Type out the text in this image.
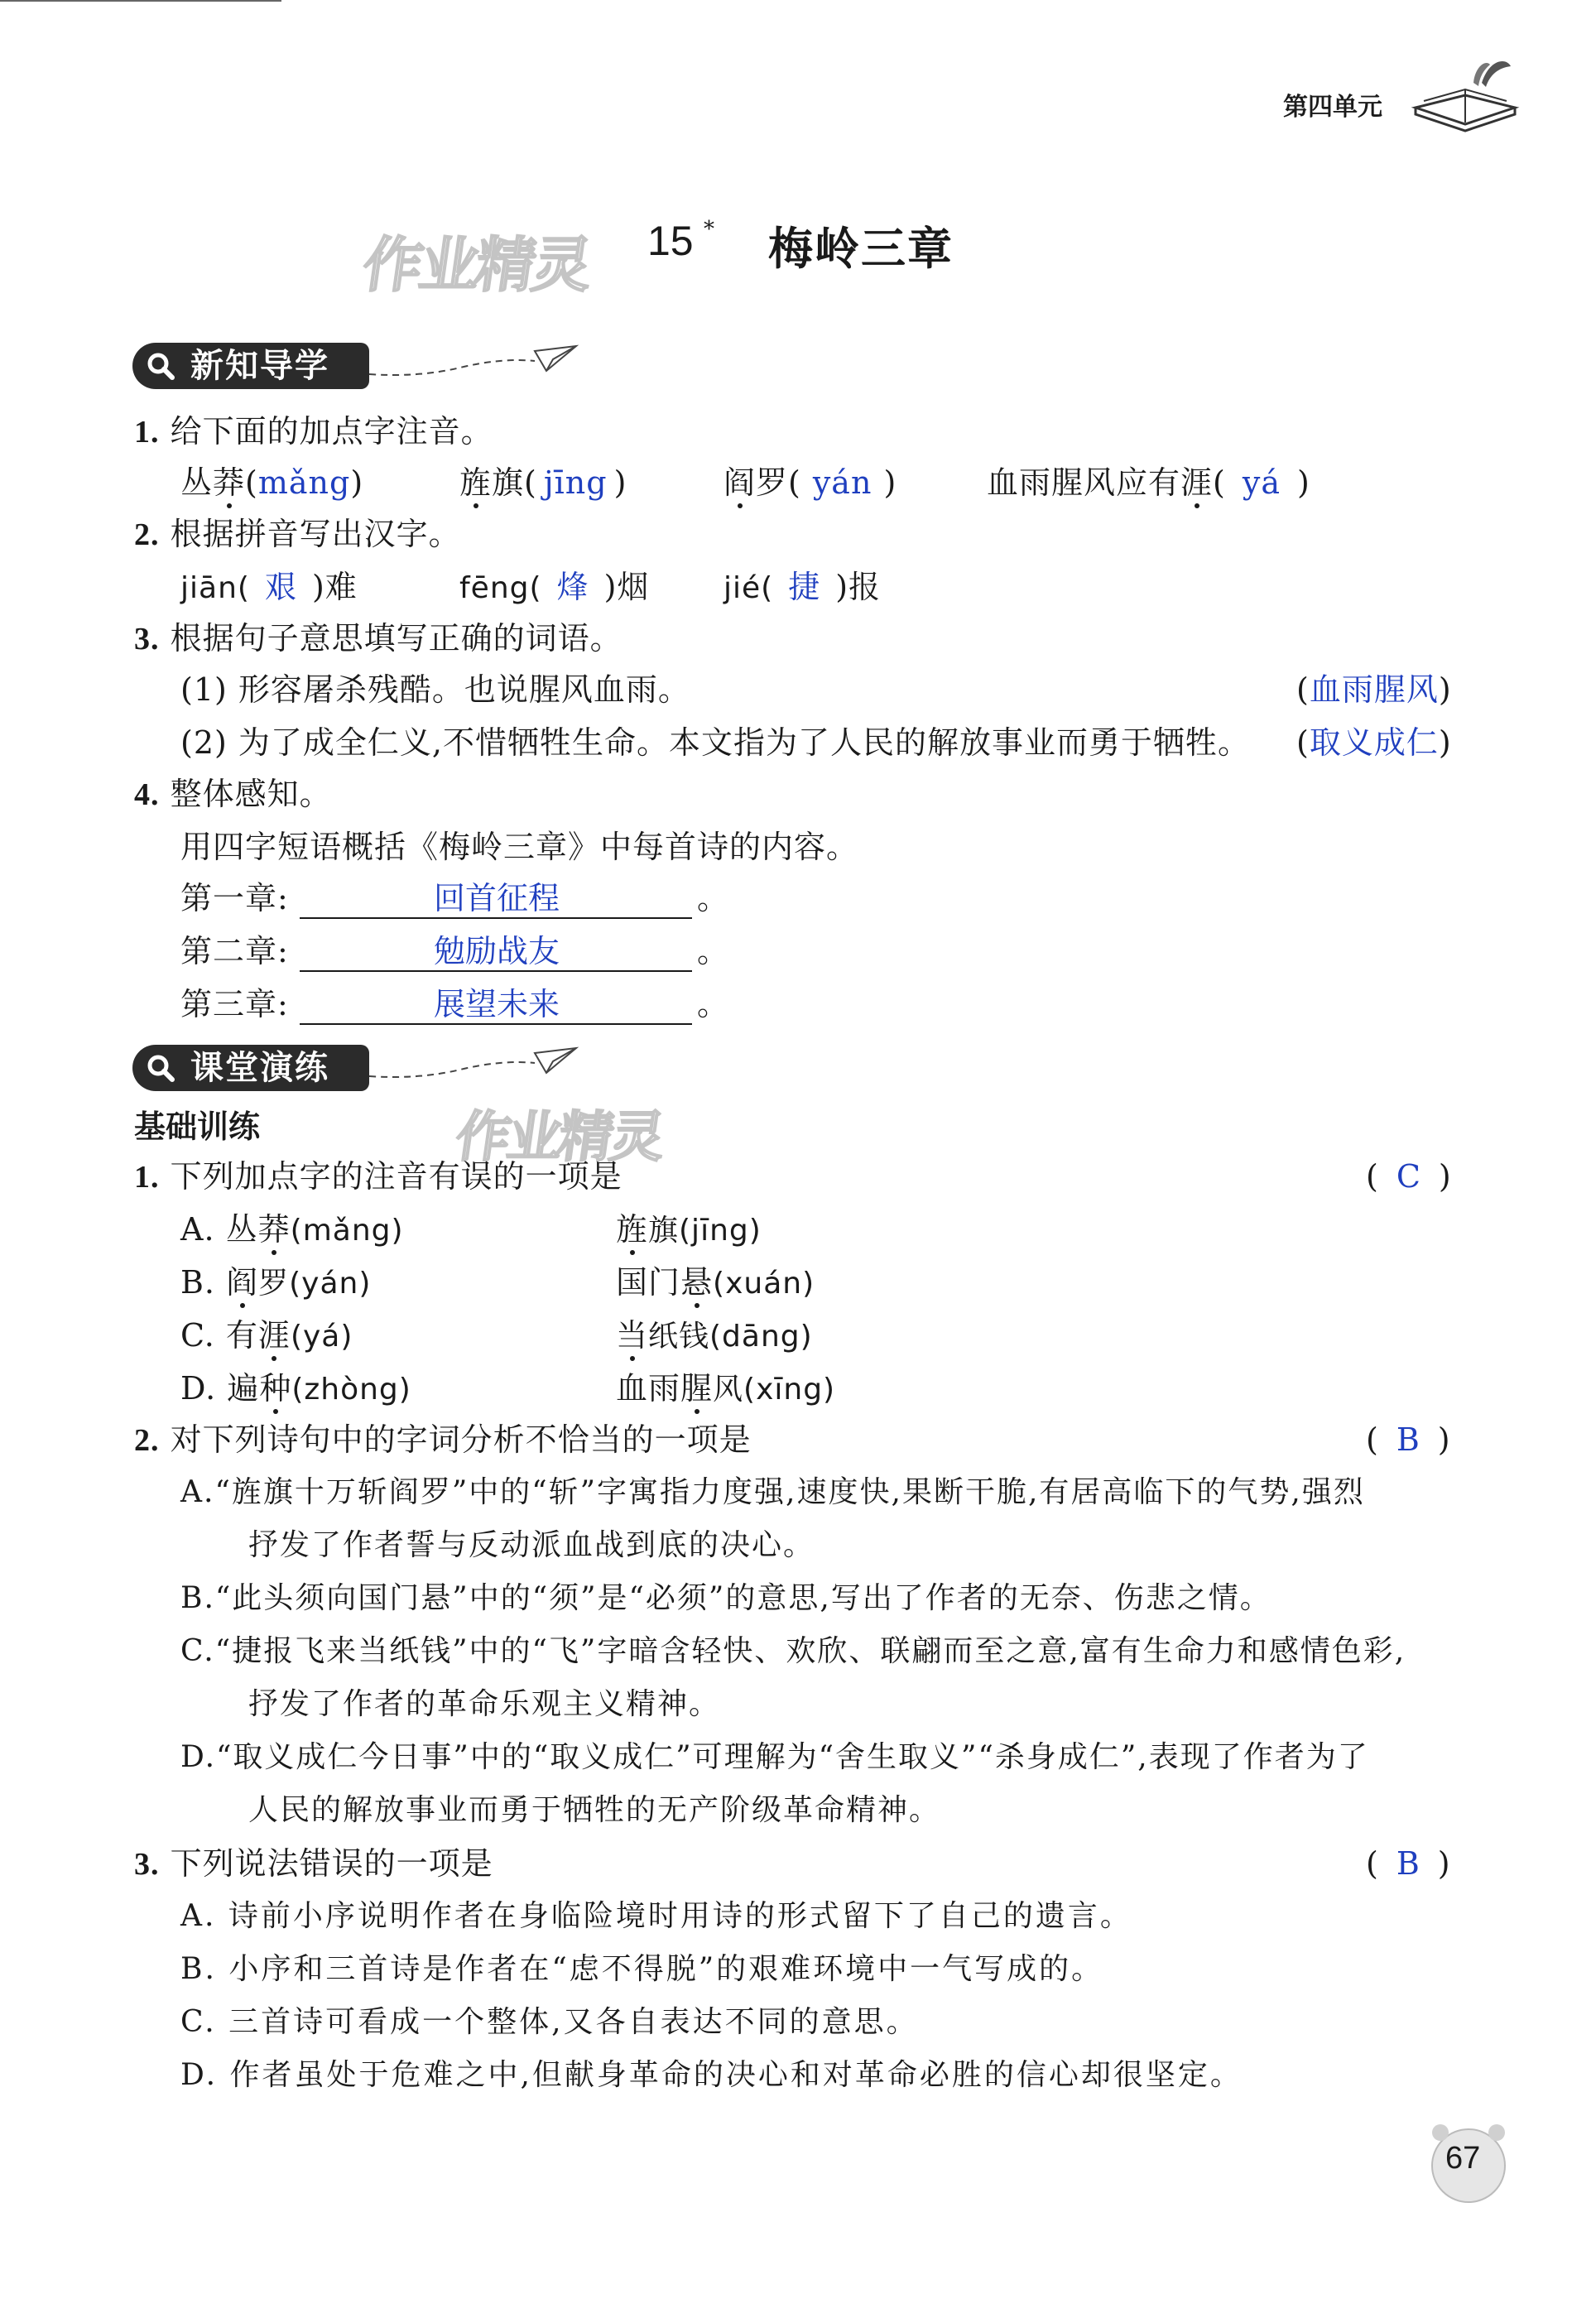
第四单元
作业精灵 15 * 梅岭三章
新知导学
1. 给下面的加点字注音。
丛莽(mǎng)	旌旗( jīng )	阎罗( yán )	血雨腥风应有涯( yá )
2. 根据拼音写出汉字。
jiān( 艰 )难	fēng( 烽 )烟 jié( 捷 )报
3. 根据句子意思填写正确的词语。
(1) 形容屠杀残酷。也说腥风血雨。	(血雨腥风)
(2) 为了成全仁义,不惜牺牲生命。本文指为了人民的解放事业而勇于牺牲。 (取义成仁)
4. 整体感知。
用四字短语概括《梅岭三章》中每首诗的内容。
第一章:	回首征程	。
第二章:	勉励战友	。
第三章:	展望未来	。
课堂演练
基础训练	作业精灵
1. 下列加点字的注音有误的一项是	( C )
A. 丛莽(mǎng)	旌旗(jīng)
B. 阎罗(yán)	国门悬(xuán)
C. 有涯(yá)	当纸钱(dāng)
D. 遍种(zhòng)	血雨腥风(xīng)
2. 对下列诗句中的字词分析不恰当的一项是	( B )
A.“旌旗十万斩阎罗”中的“斩”字寓指力度强,速度快,果断干脆,有居高临下的气势,强烈
抒发了作者誓与反动派血战到底的决心。
B.“此头须向国门悬”中的“须”是“必须”的意思,写出了作者的无奈、伤悲之情。
C.“捷报飞来当纸钱”中的“飞”字暗含轻快、欢欣、联翩而至之意,富有生命力和感情色彩,
抒发了作者的革命乐观主义精神。
D.“取义成仁今日事”中的“取义成仁”可理解为“舍生取义”“杀身成仁”,表现了作者为了
人民的解放事业而勇于牺牲的无产阶级革命精神。
3. 下列说法错误的一项是	( B )
A. 诗前小序说明作者在身临险境时用诗的形式留下了自己的遗言。
B. 小序和三首诗是作者在“虑不得脱”的艰难环境中一气写成的。
C. 三首诗可看成一个整体,又各自表达不同的意思。
D. 作者虽处于危难之中,但献身革命的决心和对革命必胜的信心却很坚定。
67
